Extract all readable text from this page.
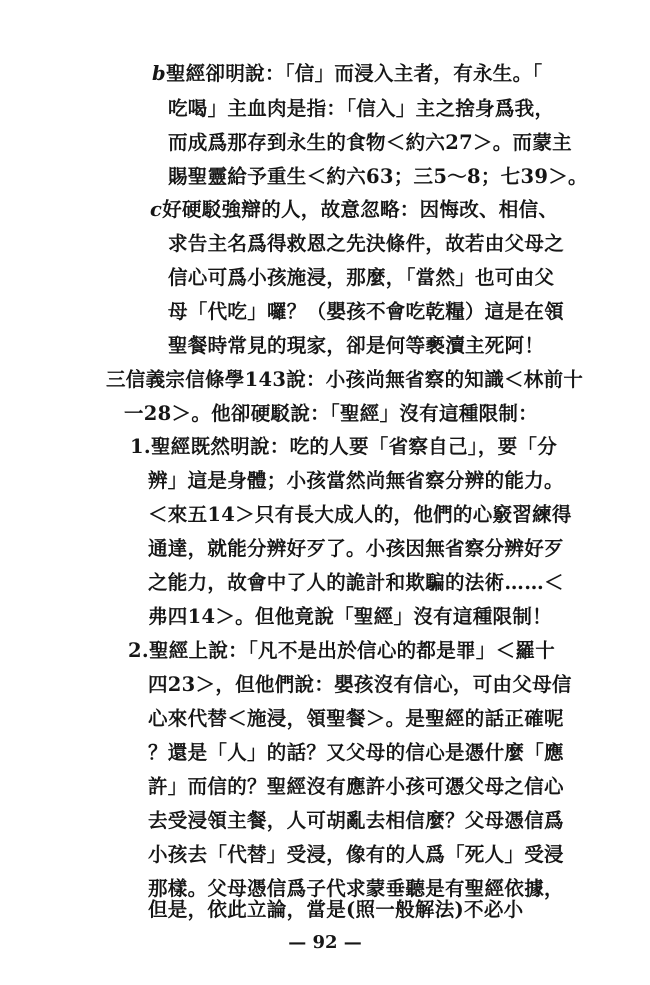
b聖經卻明說：「信」而浸入主者，有永生。「
吃喝」主血肉是指：「信入」主之捨身爲我，
而成爲那存到永生的食物＜約六27＞。而蒙主
賜聖靈給予重生＜約六63；三5～8；七39＞。
c好硬駁強辯的人，故意忽略：因悔改、相信、
求告主名爲得救恩之先決條件，故若由父母之
信心可爲小孩施浸，那麼，「當然」也可由父
母「代吃」囉？（嬰孩不會吃乾糧）這是在領
聖餐時常見的現家，卻是何等褻瀆主死阿！
三信義宗信條學143說：小孩尚無省察的知識＜林前十
一28＞。他卻硬駁說：「聖經」沒有這種限制：
1.聖經既然明說：吃的人要「省察自己」，要「分
辨」這是身體；小孩當然尚無省察分辨的能力。
＜來五14＞只有長大成人的，他們的心竅習練得
通達，就能分辨好歹了。小孩因無省察分辨好歹
之能力，故會中了人的詭計和欺騙的法術……＜
弗四14＞。但他竟說「聖經」沒有這種限制！
2.聖經上說：「凡不是出於信心的都是罪」＜羅十
四23＞，但他們說：嬰孩沒有信心，可由父母信
心來代替＜施浸，領聖餐＞。是聖經的話正確呢
？還是「人」的話？又父母的信心是憑什麼「應
許」而信的？聖經沒有應許小孩可憑父母之信心
去受浸領主餐，人可胡亂去相信麼？父母憑信爲
小孩去「代替」受浸，像有的人爲「死人」受浸
那樣。父母憑信爲子代求蒙垂聽是有聖經依據，
但是，依此立論，當是(照一般解法)不必小
— 92 —
